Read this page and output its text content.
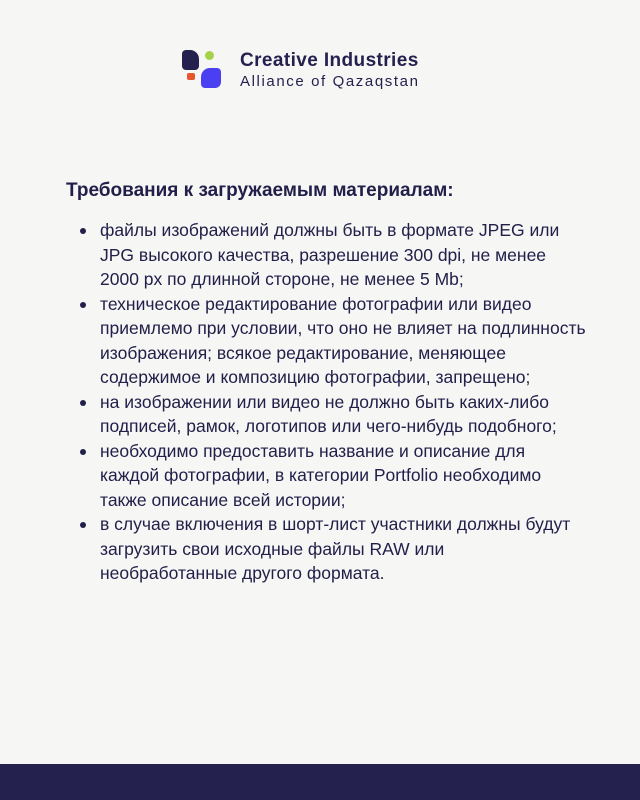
Creative Industries
Alliance of Qazaqstan
Требования к загружаемым материалам:
файлы изображений должны быть в формате JPEG или JPG высокого качества, разрешение 300 dpi, не менее 2000 px по длинной стороне, не менее 5 Mb;
техническое редактирование фотографии или видео приемлемо при условии, что оно не влияет на подлинность изображения; всякое редактирование, меняющее содержимое и композицию фотографии, запрещено;
на изображении или видео не должно быть каких-либо подписей, рамок, логотипов или чего-нибудь подобного;
необходимо предоставить название и описание для каждой фотографии, в категории Portfolio необходимо также описание всей истории;
в случае включения в шорт-лист участники должны будут загрузить свои исходные файлы RAW или необработанные другого формата.
